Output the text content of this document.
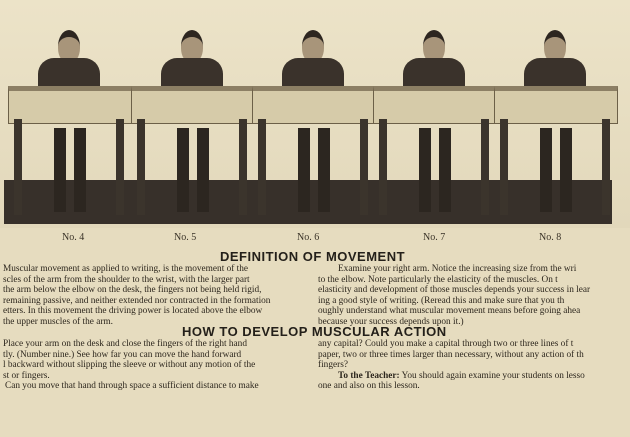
No. 4	No. 5	No. 6	No. 7	No. 8
DEFINITION OF MOVEMENT
Muscular movement as applied to writing, is the movement of the
scles of the arm from the shoulder to the wrist, with the larger part
the arm below the elbow on the desk, the fingers not being held rigid,
remaining passive, and neither extended nor contracted in the formation
etters. In this movement the driving power is located above the elbow
the upper muscles of the arm.
Examine your right arm. Notice the increasing size from the wri
to the elbow. Note particularly the elasticity of the muscles. On t
elasticity and development of those muscles depends your success in lear
ing a good style of writing. (Reread this and make sure that you th
oughly understand what muscular movement means before going ahea
because your success depends upon it.)
HOW TO DEVELOP MUSCULAR ACTION
Place your arm on the desk and close the fingers of the right hand
tly. (Number nine.) See how far you can move the hand forward
l backward without slipping the sleeve or without any motion of the
st or fingers.
Can you move that hand through space a sufficient distance to make
any capital? Could you make a capital through two or three lines of t
paper, two or three times larger than necessary, without any action of th
fingers?
To the Teacher: You should again examine your students on lesso
one and also on this lesson.
